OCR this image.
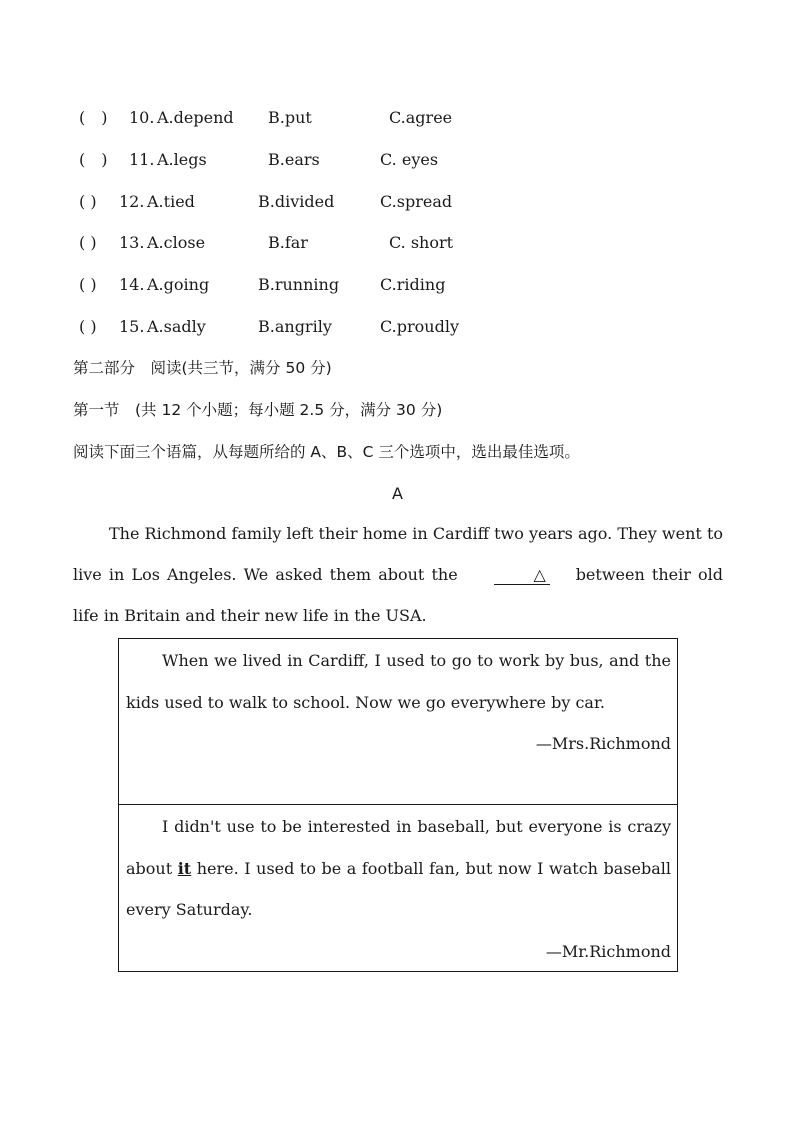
(　) 10. A.depend B.put	C.agree
(　) 11. A.legs	B.ears	C. eyes
( ) 12. A.tied	B.divided	C.spread
( ) 13. A.close	B.far	C. short
( ) 14. A.going	B.running	C.riding
( ) 15. A.sadly	B.angrily	C.proudly
第二部分　阅读(共三节，满分 50 分)
第一节　(共 12 个小题；每小题 2.5 分，满分 30 分)
阅读下面三个语篇，从每题所给的 A、B、C 三个选项中，选出最佳选项。
A
The Richmond family left their home in Cardiff two years ago. They went to live in Los Angeles. We asked them about the	△ between their old life in Britain and their new life in the USA.
When we lived in Cardiff, I used to go to work by bus, and the kids used to walk to school. Now we go everywhere by car.
—Mrs.Richmond
I didn't use to be interested in baseball, but everyone is crazy about it here. I used to be a football fan, but now I watch baseball every Saturday.
—Mr.Richmond
